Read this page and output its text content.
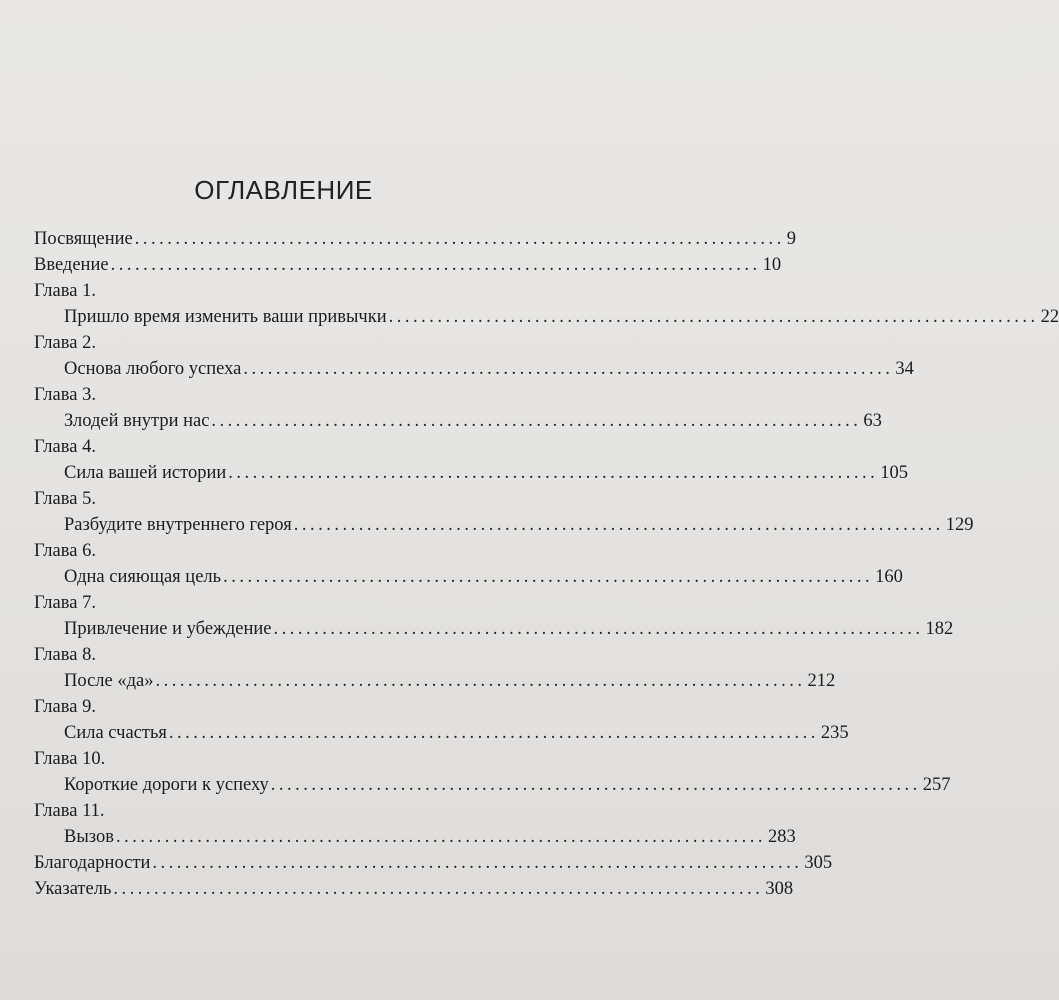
ОГЛАВЛЕНИЕ
Посвящение ................................................................................ 9
Введение ................................................................................ 10
Глава 1.
Пришло время изменить ваши привычки ................................................................................ 22
Глава 2.
Основа любого успеха ................................................................................ 34
Глава 3.
Злодей внутри нас ................................................................................ 63
Глава 4.
Сила вашей истории ................................................................................ 105
Глава 5.
Разбудите внутреннего героя ................................................................................ 129
Глава 6.
Одна сияющая цель ................................................................................ 160
Глава 7.
Привлечение и убеждение ................................................................................ 182
Глава 8.
После «да» ................................................................................ 212
Глава 9.
Сила счастья ................................................................................ 235
Глава 10.
Короткие дороги к успеху ................................................................................ 257
Глава 11.
Вызов ................................................................................ 283
Благодарности ................................................................................ 305
Указатель ................................................................................ 308
